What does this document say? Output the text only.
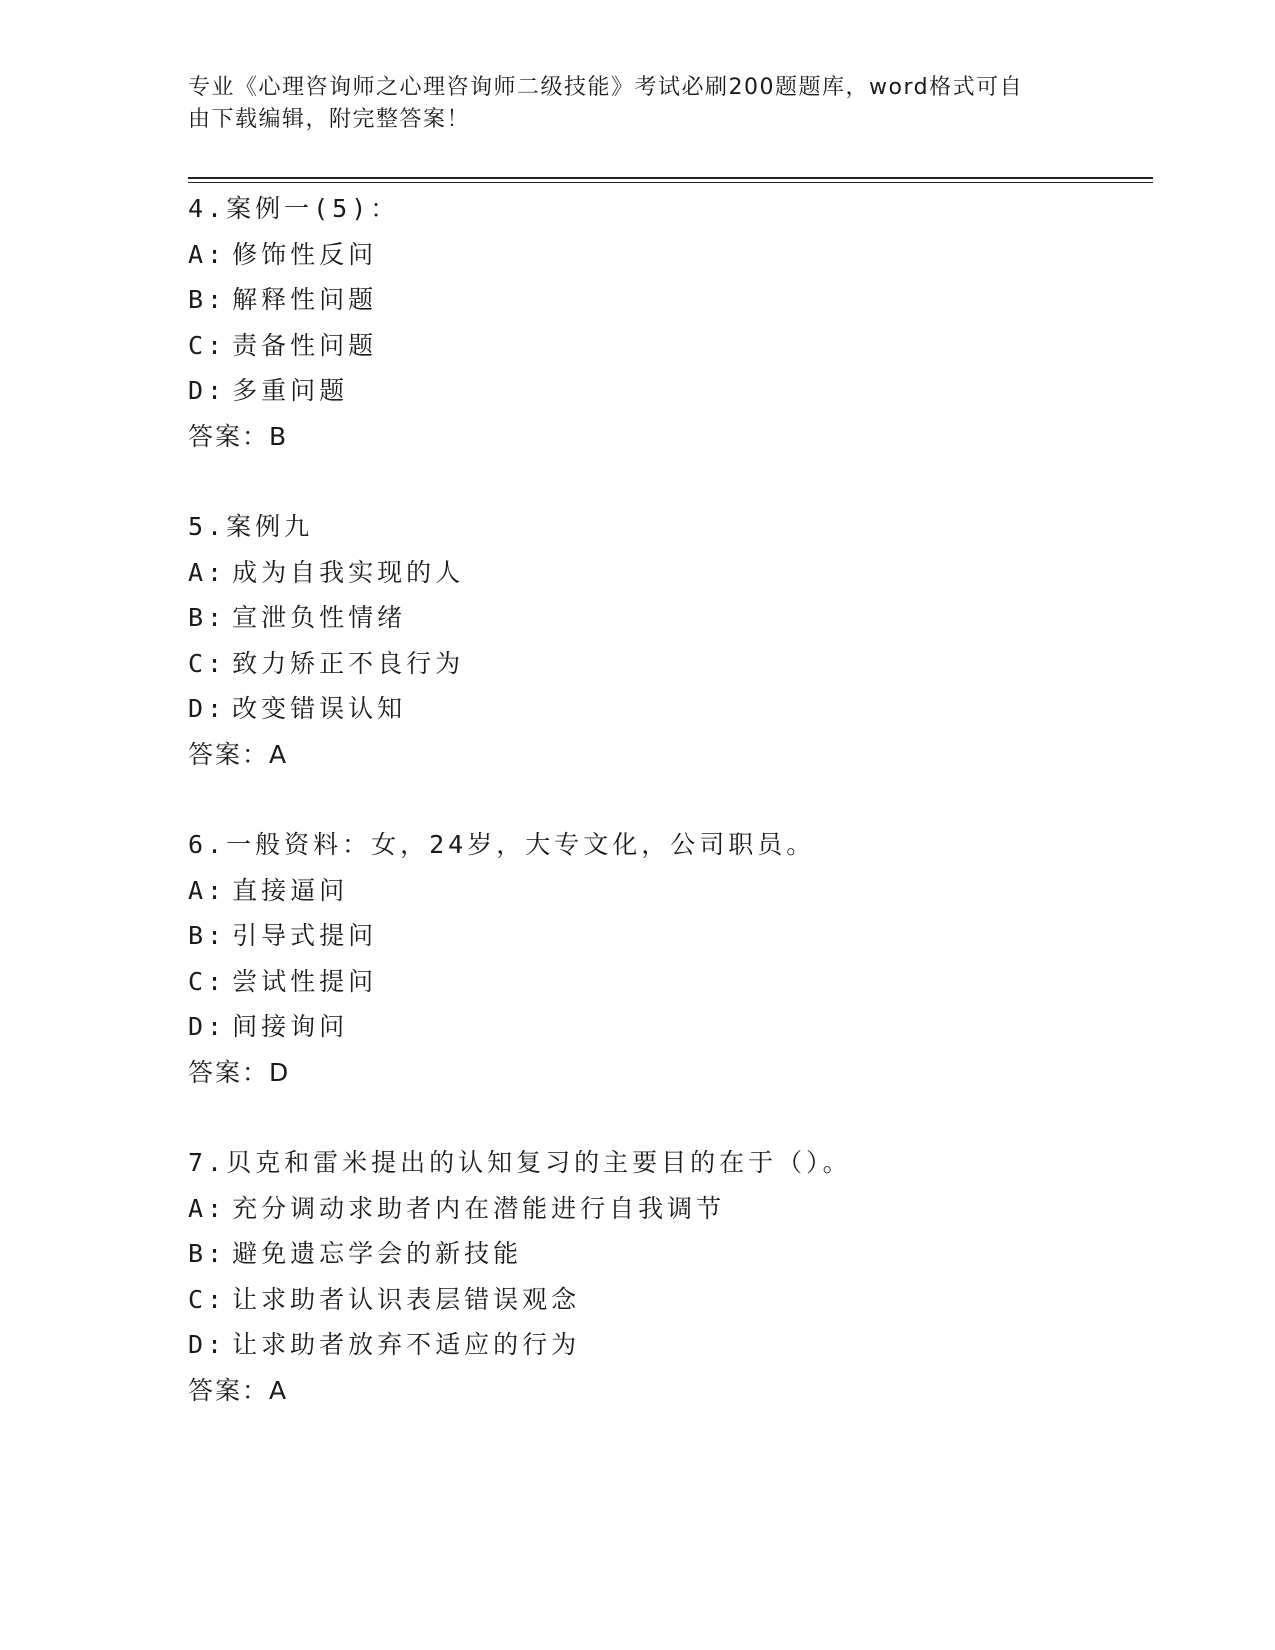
专业《心理咨询师之心理咨询师二级技能》考试必刷200题题库，word格式可自
由下载编辑，附完整答案！
4.案例一(5)：
A: 修饰性反问
B: 解释性问题
C: 责备性问题
D: 多重问题
答案：B
5.案例九
A: 成为自我实现的人
B: 宣泄负性情绪
C: 致力矫正不良行为
D: 改变错误认知
答案：A
6.一般资料：女，24岁，大专文化，公司职员。
A: 直接逼问
B: 引导式提问
C: 尝试性提问
D: 间接询问
答案：D
7.贝克和雷米提出的认知复习的主要目的在于（）。
A: 充分调动求助者内在潜能进行自我调节
B: 避免遗忘学会的新技能
C: 让求助者认识表层错误观念
D: 让求助者放弃不适应的行为
答案：A
